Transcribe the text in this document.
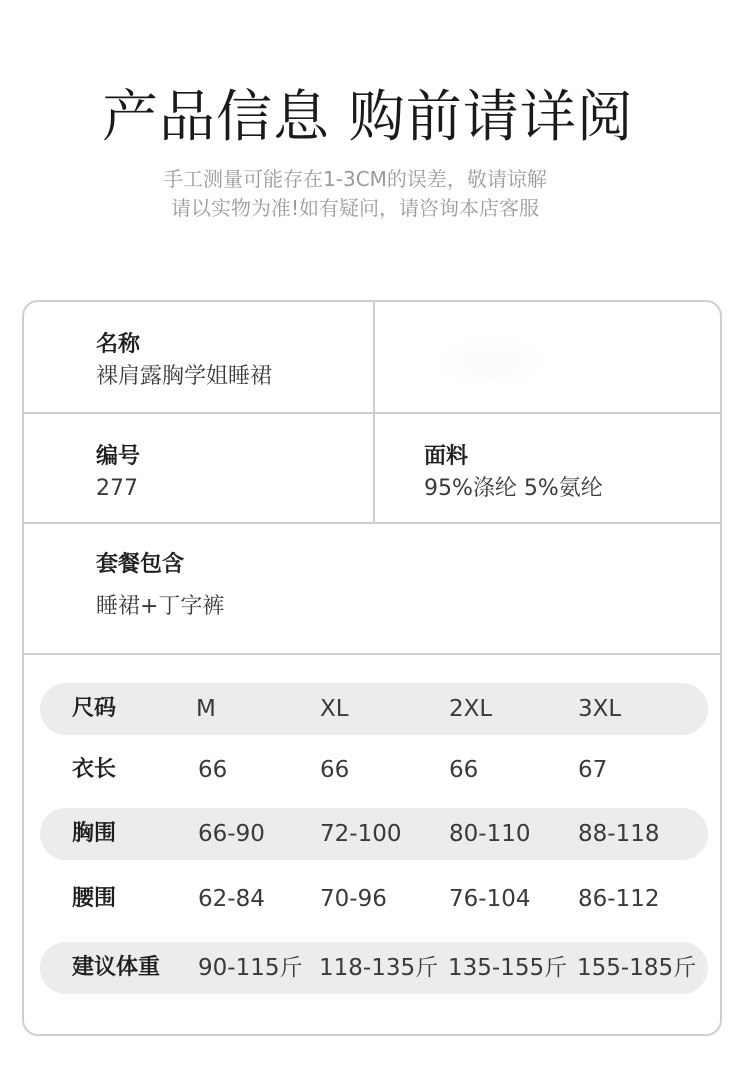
产品信息 购前请详阅
手工测量可能存在1-3CM的误差，敬请谅解
请以实物为准!如有疑问，请咨询本店客服
名称
裸肩露胸学姐睡裙
编号
277
面料
95%涤纶 5%氨纶
套餐包含
睡裙+丁字裤
尺码	M	XL	2XL	3XL
衣长	66	66	66	67
胸围	66-90 72-100 80-110 88-118
腰围	62-84 70-96	76-104 86-112
建议体重 90-115斤 118-135斤 135-155斤 155-185斤
